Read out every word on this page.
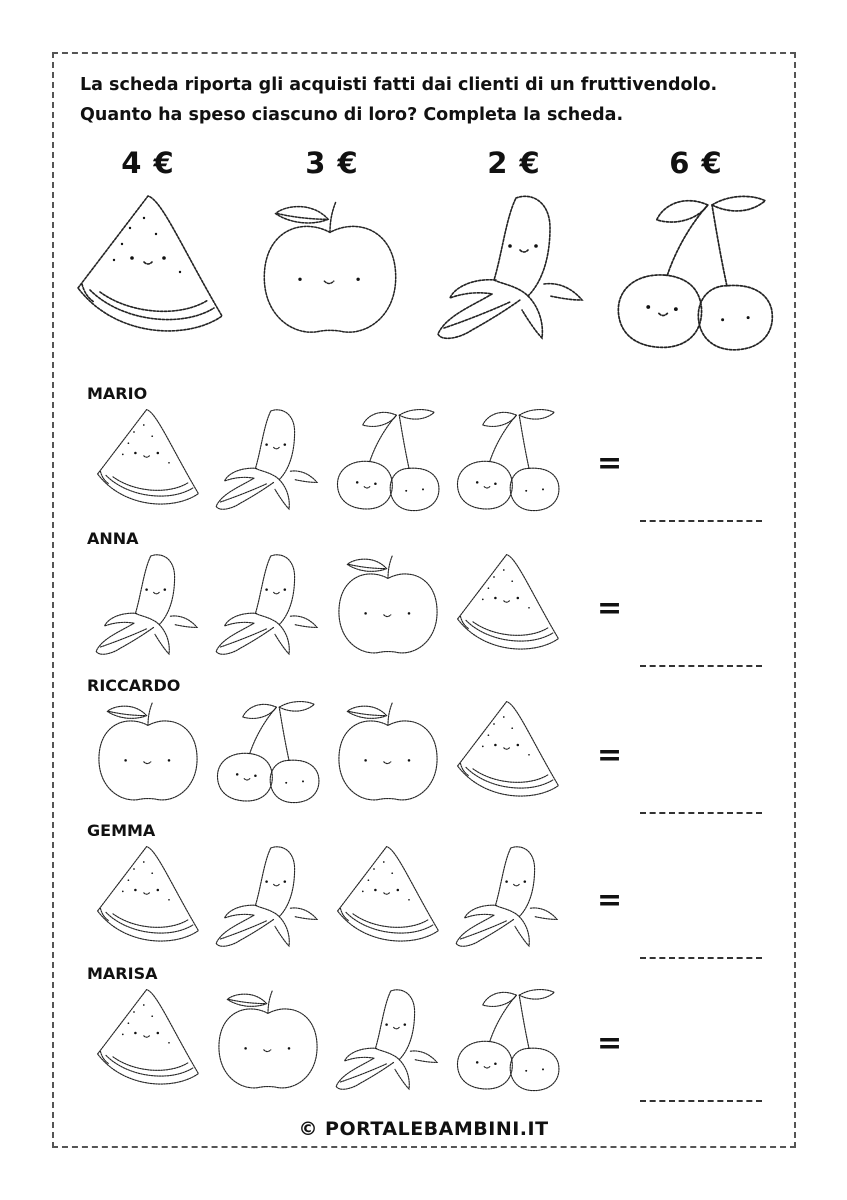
La scheda riporta gli acquisti fatti dai clienti di un fruttivendolo.

Quanto ha speso ciascuno di loro? Completa la scheda.

4 €	3 €	2 €	6 €
MARIO
=
ANNA
=
RICCARDO
=
GEMMA
=
MARISA
=
© PORTALEBAMBINI.IT
